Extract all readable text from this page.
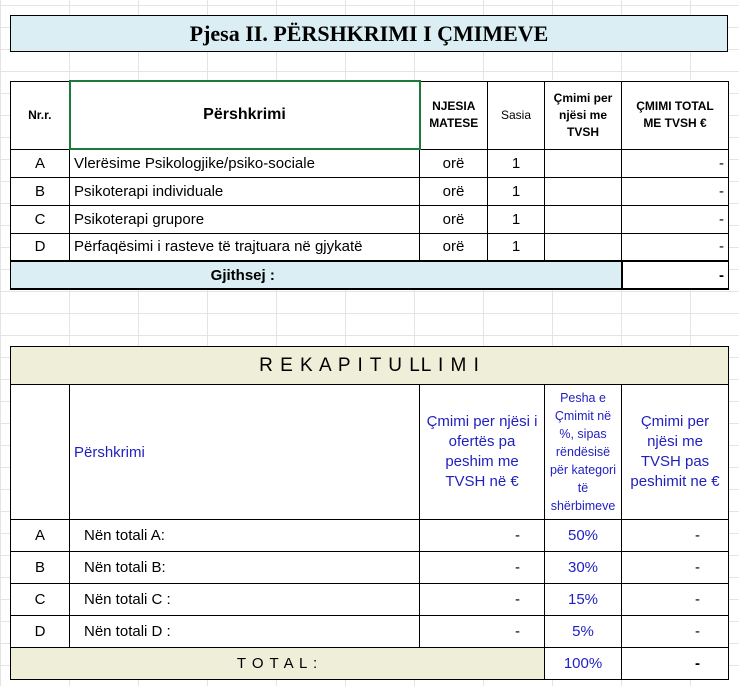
Pjesa II. PËRSHKRIMI I ÇMIMEVE
Nr.r.	Përshkrimi	NJESIA MATESE	Sasia	Çmimi per njësi me TVSH	ÇMIMI TOTAL ME TVSH €
A	Vlerësime Psikologjike/psiko-sociale	orë	1		-
B	Psikoterapi individuale	orë	1		-
C	Psikoterapi grupore	orë	1		-
D	Përfaqësimi i rasteve të trajtuara në gjykatë	orë	1		-
Gjithsej :					-
R E K A P I T U LL I M I				
	Përshkrimi	Çmimi per njësi i ofertës pa peshim me TVSH në €	Pesha e Çmimit në %, sipas rëndësisë për kategori të shërbimeve	Çmimi per njësi me TVSH pas peshimit ne €
A	Nën totali A:	-	50%	-
B	Nën totali B:	-	30%	-
C	Nën totali C :	-	15%	-
D	Nën totali D :	-	5%	-
T O T A L :			100%	-
